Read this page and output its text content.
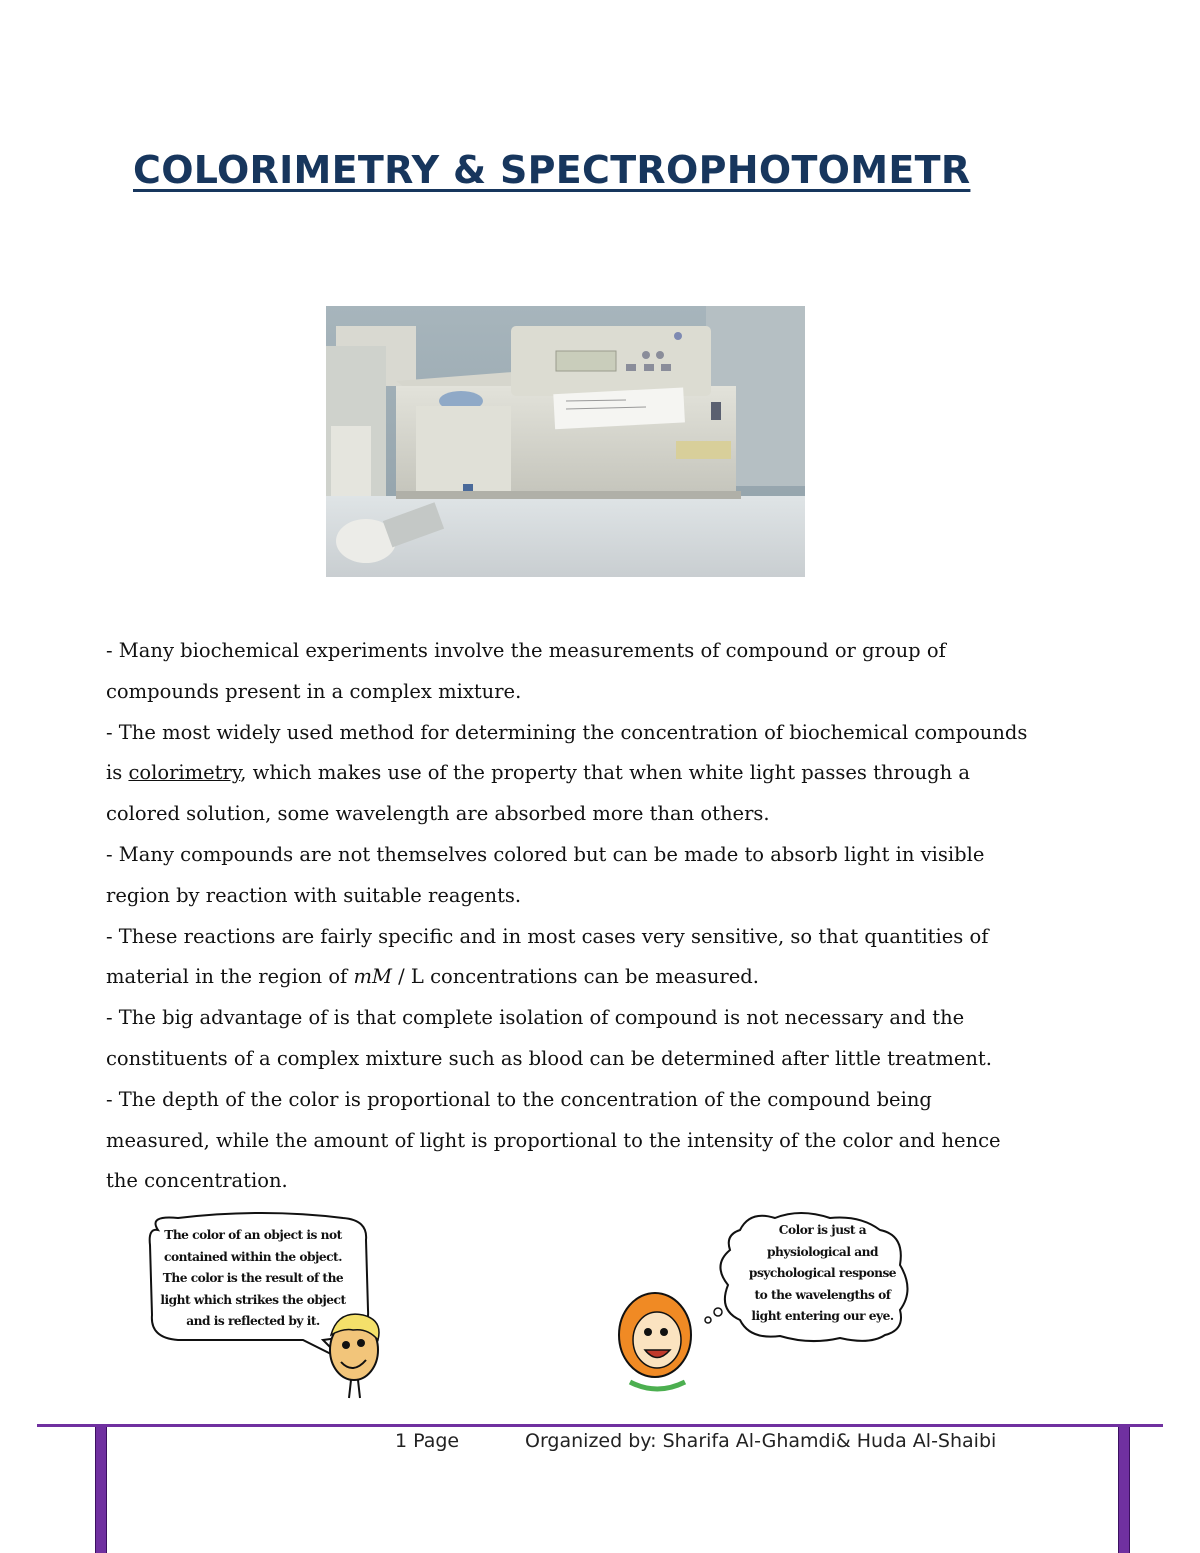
COLORIMETRY & SPECTROPHOTOMETR

- Many biochemical experiments involve the measurements of compound or group of compounds present in a complex mixture.

- The most widely used method for determining the concentration of biochemical compounds is colorimetry, which makes use of the property that when white light passes through a colored solution, some wavelength are absorbed more than others.

- Many compounds are not themselves colored but can be made to absorb light in visible region by reaction with suitable reagents.

- These reactions are fairly specific and in most cases very sensitive, so that quantities of material in the region of mM / L concentrations can be measured.

- The big advantage of is that complete isolation of compound is not necessary and the constituents of a complex mixture such as blood can be determined after little treatment.

- The depth of the color is proportional to the concentration of the compound being measured, while the amount of light is proportional to the intensity of the color and hence the concentration.

The color of an object is not
contained within the object.
The color is the result of the
light which strikes the object
and is reflected by it.
Color is just a
physiological and
psychological response
to the wavelengths of
light entering our eye.
1 Page	Organized by: Sharifa Al-Ghamdi& Huda Al-Shaibi
